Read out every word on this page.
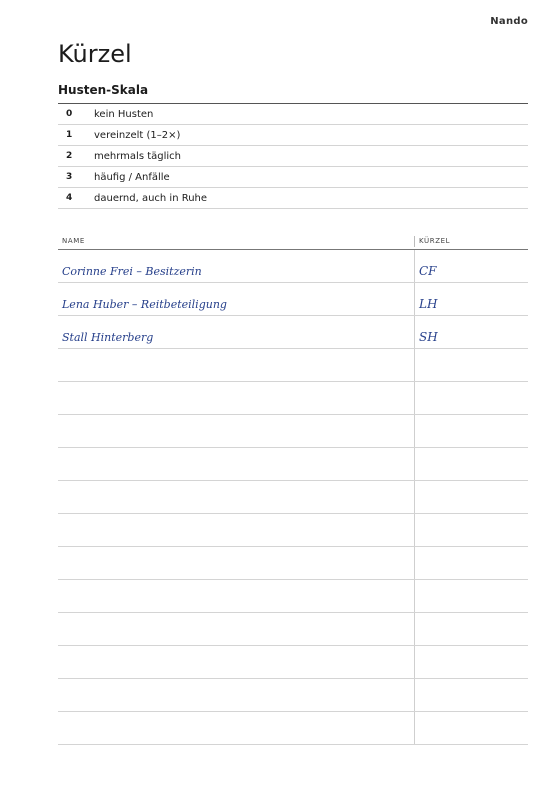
Nando
Kürzel
Husten-Skala
0	kein Husten
1	vereinzelt (1–2×)
2	mehrmals täglich
3	häufig / Anfälle
4	dauernd, auch in Ruhe
NAME	KÜRZEL
Corinne Frei – Besitzerin	CF
Lena Huber – Reitbeteiligung	LH
Stall Hinterberg	SH
